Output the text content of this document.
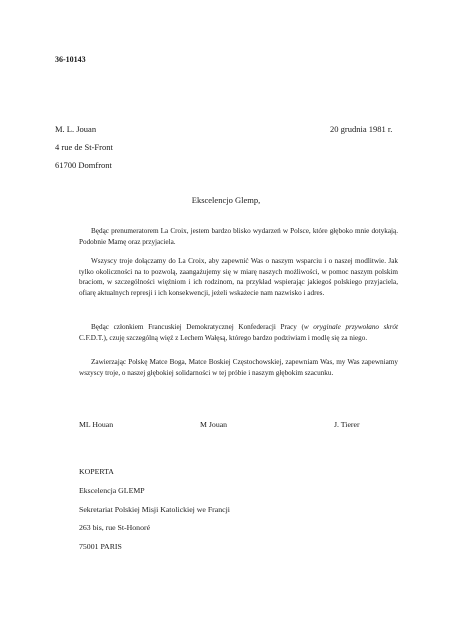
36-10143
M. L. Jouan
4 rue de St-Front
61700 Domfront
20 grudnia 1981 r.
Ekscelencjo Glemp,

Będąc prenumeratorem La Croix, jestem bardzo blisko wydarzeń w Polsce, które głęboko mnie dotykają. Podobnie Mamę oraz przyjaciela.

Wszyscy troje dołączamy do La Croix, aby zapewnić Was o naszym wsparciu i o naszej modlitwie. Jak tylko okoliczności na to pozwolą, zaangażujemy się w miarę naszych możliwości, w pomoc naszym polskim braciom, w szczególności więźniom i ich rodzinom, na przykład wspierając jakiegoś polskiego przyjaciela, ofiarę aktualnych represji i ich konsekwencji, jeżeli wskażecie nam nazwisko i adres.

Będąc członkiem Francuskiej Demokratycznej Konfederacji Pracy (w oryginale przywołano skrót C.F.D.T.), czuję szczególną więź z Lechem Wałęsą, którego bardzo podziwiam i modlę się za niego.

Zawierzając Polskę Matce Boga, Matce Boskiej Częstochowskiej, zapewniam Was, my Was zapewniamy wszyscy troje, o naszej głębokiej solidarności w tej próbie i naszym głębokim szacunku.

ML Houan	M Jouan	J. Tierer
KOPERTA
Ekscelencja GLEMP
Sekretariat Polskiej Misji Katolickiej we Francji
263 bis, rue St-Honoré
75001 PARIS
